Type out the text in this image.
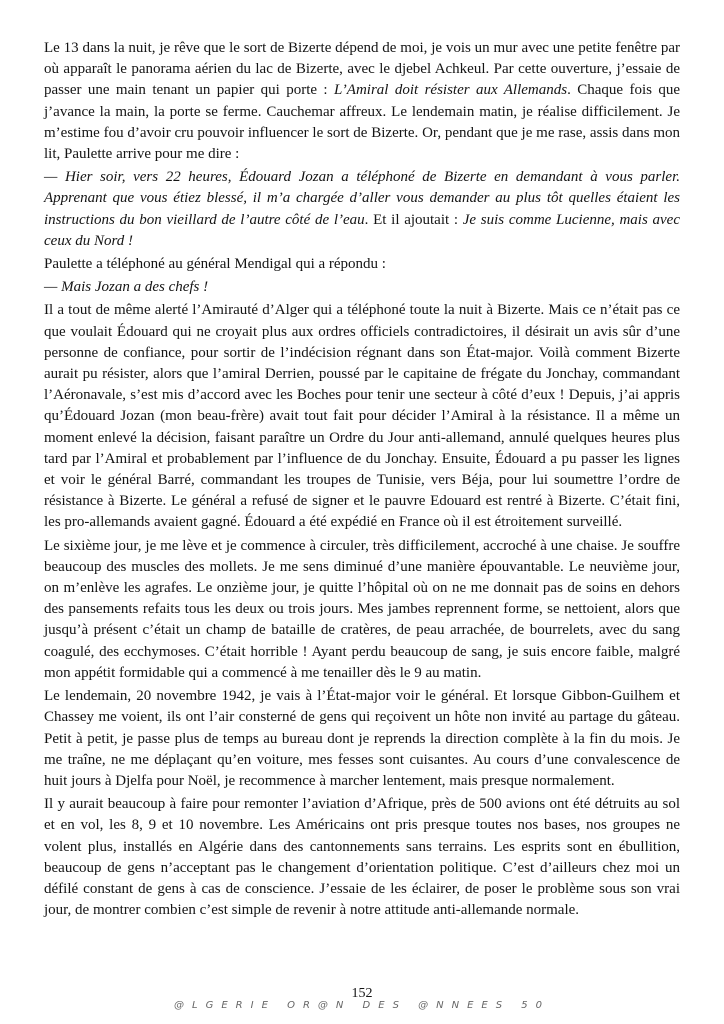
Le 13 dans la nuit, je rêve que le sort de Bizerte dépend de moi, je vois un mur avec une petite fenêtre par où apparaît le panorama aérien du lac de Bizerte, avec le djebel Achkeul. Par cette ouverture, j’essaie de passer une main tenant un papier qui porte : L’Amiral doit résister aux Allemands. Chaque fois que j’avance la main, la porte se ferme. Cauchemar affreux. Le lendemain matin, je réalise difficilement. Je m’estime fou d’avoir cru pouvoir influencer le sort de Bizerte. Or, pendant que je me rase, assis dans mon lit, Paulette arrive pour me dire :

— Hier soir, vers 22 heures, Édouard Jozan a téléphoné de Bizerte en demandant à vous parler. Apprenant que vous étiez blessé, il m’a chargée d’aller vous demander au plus tôt quelles étaient les instructions du bon vieillard de l’autre côté de l’eau. Et il ajoutait : Je suis comme Lucienne, mais avec ceux du Nord !

Paulette a téléphoné au général Mendigal qui a répondu :

— Mais Jozan a des chefs !

Il a tout de même alerté l’Amirauté d’Alger qui a téléphoné toute la nuit à Bizerte. Mais ce n’était pas ce que voulait Édouard qui ne croyait plus aux ordres officiels contradictoires, il désirait un avis sûr d’une personne de confiance, pour sortir de l’indécision régnant dans son État-major. Voilà comment Bizerte aurait pu résister, alors que l’amiral Derrien, poussé par le capitaine de frégate du Jonchay, commandant l’Aéronavale, s’est mis d’accord avec les Boches pour tenir une secteur à côté d’eux ! Depuis, j’ai appris qu’Édouard Jozan (mon beau-frère) avait tout fait pour décider l’Amiral à la résistance. Il a même un moment enlevé la décision, faisant paraître un Ordre du Jour anti-allemand, annulé quelques heures plus tard par l’Amiral et probablement par l’influence de du Jonchay. Ensuite, Édouard a pu passer les lignes et voir le général Barré, commandant les troupes de Tunisie, vers Béja, pour lui soumettre l’ordre de résistance à Bizerte. Le général a refusé de signer et le pauvre Edouard est rentré à Bizerte. C’était fini, les pro-allemands avaient gagné. Édouard a été expédié en France où il est étroitement surveillé.

Le sixième jour, je me lève et je commence à circuler, très difficilement, accroché à une chaise. Je souffre beaucoup des muscles des mollets. Je me sens diminué d’une manière épouvantable. Le neuvième jour, on m’enlève les agrafes. Le onzième jour, je quitte l’hôpital où on ne me donnait pas de soins en dehors des pansements refaits tous les deux ou trois jours. Mes jambes reprennent forme, se nettoient, alors que jusqu’à présent c’était un champ de bataille de cratères, de peau arrachée, de bourrelets, avec du sang coagulé, des ecchymoses. C’était horrible ! Ayant perdu beaucoup de sang, je suis encore faible, malgré mon appétit formidable qui a commencé à me tenailler dès le 9 au matin.

Le lendemain, 20 novembre 1942, je vais à l’État-major voir le général. Et lorsque Gibbon-Guilhem et Chassey me voient, ils ont l’air consterné de gens qui reçoivent un hôte non invité au partage du gâteau. Petit à petit, je passe plus de temps au bureau dont je reprends la direction complète à la fin du mois. Je me traîne, ne me déplaçant qu’en voiture, mes fesses sont cuisantes. Au cours d’une convalescence de huit jours à Djelfa pour Noël, je recommence à marcher lentement, mais presque normalement.

Il y aurait beaucoup à faire pour remonter l’aviation d’Afrique, près de 500 avions ont été détruits au sol et en vol, les 8, 9 et 10 novembre. Les Américains ont pris presque toutes nos bases, nos groupes ne volent plus, installés en Algérie dans des cantonnements sans terrains. Les esprits sont en ébullition, beaucoup de gens n’acceptant pas le changement d’orientation politique. C’est d’ailleurs chez moi un défilé constant de gens à cas de conscience. J’essaie de les éclairer, de poser le problème sous son vrai jour, de montrer combien c’est simple de revenir à notre attitude anti-allemande normale.

152
@LGERIE OR@N DES @NNEES 50
